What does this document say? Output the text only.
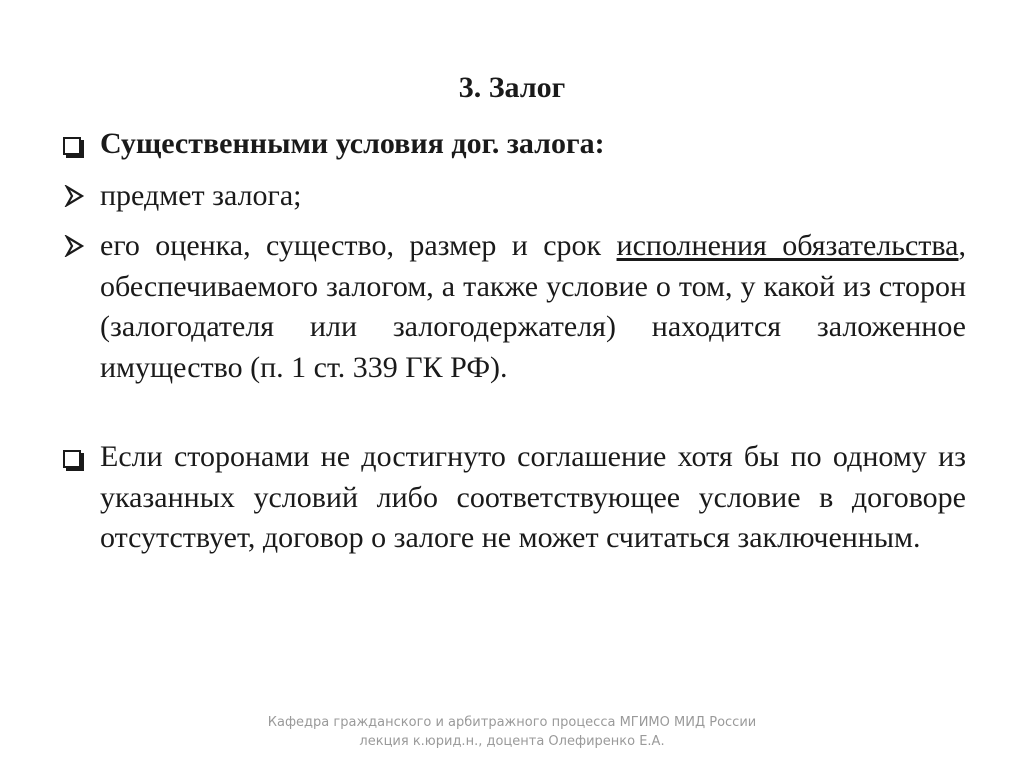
3. Залог
Существенными условия дог. залога:
предмет залога;
его оценка, существо, размер и срок исполнения обязательства, обеспечиваемого залогом, а также условие о том, у какой из сторон (залогодателя или залогодержателя) находится заложенное имущество (п. 1 ст. 339 ГК РФ).
Если сторонами не достигнуто соглашение хотя бы по одному из указанных условий либо соответствующее условие в договоре отсутствует, договор о залоге не может считаться заключенным.
Кафедра гражданского и арбитражного процесса МГИМО МИД России
лекция к.юрид.н., доцента Олефиренко Е.А.
